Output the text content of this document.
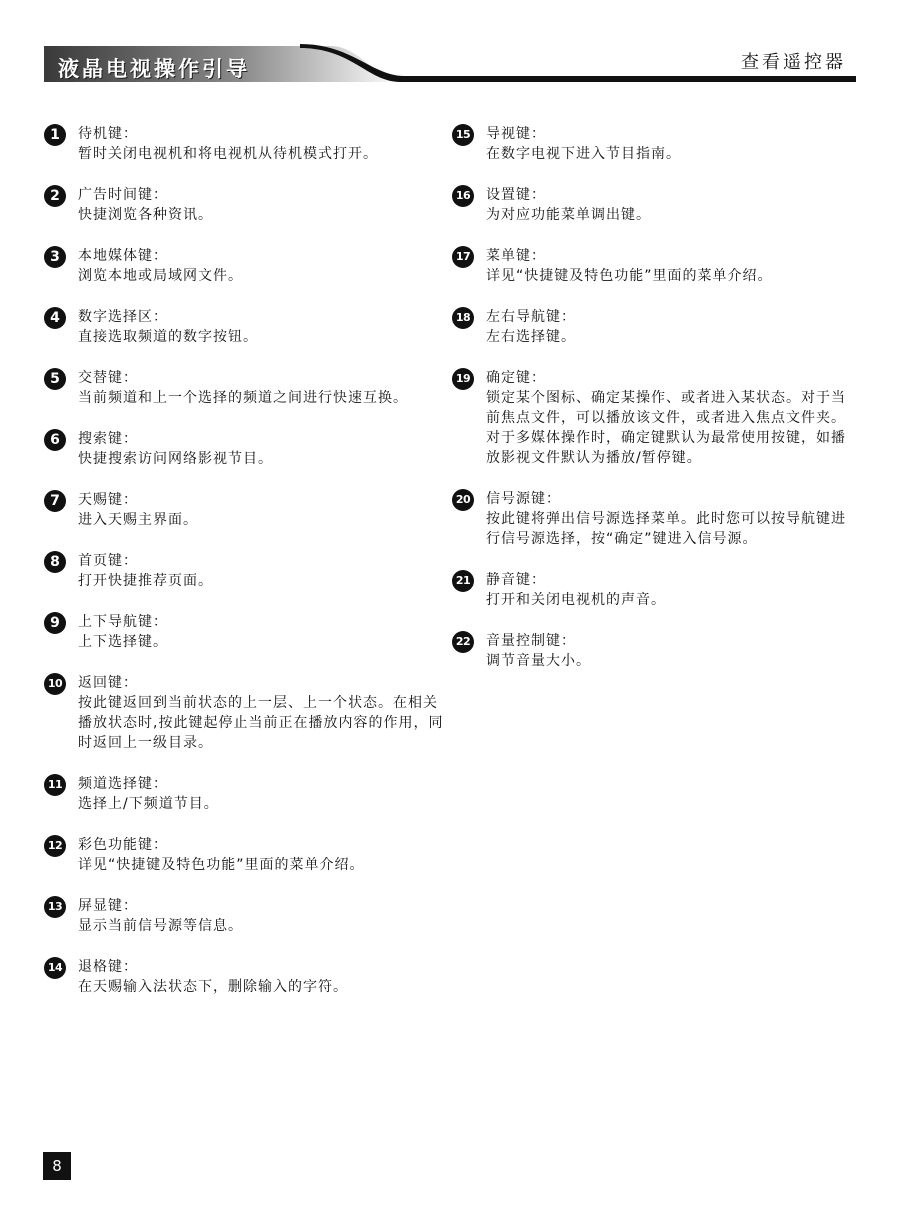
液晶电视操作引导	查看遥控器
1	待机键：
暂时关闭电视机和将电视机从待机模式打开。
2	广告时间键：
快捷浏览各种资讯。
3	本地媒体键：
浏览本地或局域网文件。
4	数字选择区：
直接选取频道的数字按钮。
5	交替键：
当前频道和上一个选择的频道之间进行快速互换。
6	搜索键：
快捷搜索访问网络影视节目。
7	天赐键：
进入天赐主界面。
8	首页键：
打开快捷推荐页面。
9	上下导航键：
上下选择键。
10 返回键：
按此键返回到当前状态的上一层、上一个状态。在相关播放状态时,按此键起停止当前正在播放内容的作用，同时返回上一级目录。
11 频道选择键：
选择上/下频道节目。
12 彩色功能键：
详见“快捷键及特色功能”里面的菜单介绍。
13 屏显键：
显示当前信号源等信息。
14 退格键：
在天赐输入法状态下，删除输入的字符。
15 导视键：
在数字电视下进入节目指南。
16 设置键：
为对应功能菜单调出键。
17 菜单键：
详见“快捷键及特色功能”里面的菜单介绍。
18 左右导航键：
左右选择键。
19 确定键：
锁定某个图标、确定某操作、或者进入某状态。对于当前焦点文件，可以播放该文件，或者进入焦点文件夹。对于多媒体操作时，确定键默认为最常使用按键，如播放影视文件默认为播放/暂停键。
20 信号源键：
按此键将弹出信号源选择菜单。此时您可以按导航键进行信号源选择，按“确定”键进入信号源。
21 静音键：
打开和关闭电视机的声音。
22 音量控制键：
调节音量大小。
8
